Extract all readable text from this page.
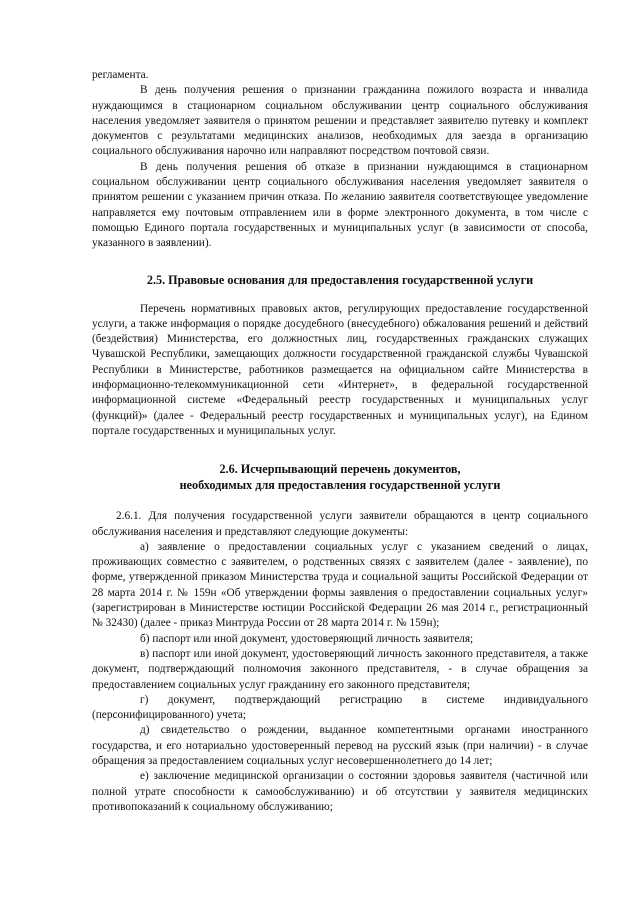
регламента.

В день получения решения о признании гражданина пожилого возраста и инвалида нуждающимся в стационарном социальном обслуживании центр социального обслуживания населения уведомляет заявителя о принятом решении и представляет заявителю путевку и комплект документов с результатами медицинских анализов, необходимых для заезда в организацию социального обслуживания нарочно или направляют посредством почтовой связи.

В день получения решения об отказе в признании нуждающимся в стационарном социальном обслуживании центр социального обслуживания населения уведомляет заявителя о принятом решении с указанием причин отказа. По желанию заявителя соответствующее уведомление направляется ему почтовым отправлением или в форме электронного документа, в том числе с помощью Единого портала государственных и муниципальных услуг (в зависимости от способа, указанного в заявлении).

2.5. Правовые основания для предоставления государственной услуги

Перечень нормативных правовых актов, регулирующих предоставление государственной услуги, а также информация о порядке досудебного (внесудебного) обжалования решений и действий (бездействия) Министерства, его должностных лиц, государственных гражданских служащих Чувашской Республики, замещающих должности государственной гражданской службы Чувашской Республики в Министерстве, работников размещается на официальном сайте Министерства в информационно-телекоммуникационной сети «Интернет», в федеральной государственной информационной системе «Федеральный реестр государственных и муниципальных услуг (функций)» (далее - Федеральный реестр государственных и муниципальных услуг), на Едином портале государственных и муниципальных услуг.

2.6. Исчерпывающий перечень документов,
необходимых для предоставления государственной услуги

2.6.1. Для получения государственной услуги заявители обращаются в центр социального обслуживания населения и представляют следующие документы:

а) заявление о предоставлении социальных услуг с указанием сведений о лицах, проживающих совместно с заявителем, о родственных связях с заявителем (далее - заявление), по форме, утвержденной приказом Министерства труда и социальной защиты Российской Федерации от 28 марта 2014 г. № 159н «Об утверждении формы заявления о предоставлении социальных услуг» (зарегистрирован в Министерстве юстиции Российской Федерации 26 мая 2014 г., регистрационный № 32430) (далее - приказ Минтруда России от 28 марта 2014 г. № 159н);

б) паспорт или иной документ, удостоверяющий личность заявителя;

в) паспорт или иной документ, удостоверяющий личность законного представителя, а также документ, подтверждающий полномочия законного представителя, - в случае обращения за предоставлением социальных услуг гражданину его законного представителя;

г) документ, подтверждающий регистрацию в системе индивидуального (персонифицированного) учета;

д) свидетельство о рождении, выданное компетентными органами иностранного государства, и его нотариально удостоверенный перевод на русский язык (при наличии) - в случае обращения за предоставлением социальных услуг несовершеннолетнего до 14 лет;

е) заключение медицинской организации о состоянии здоровья заявителя (частичной или полной утрате способности к самообслуживанию) и об отсутствии у заявителя медицинских противопоказаний к социальному обслуживанию;
